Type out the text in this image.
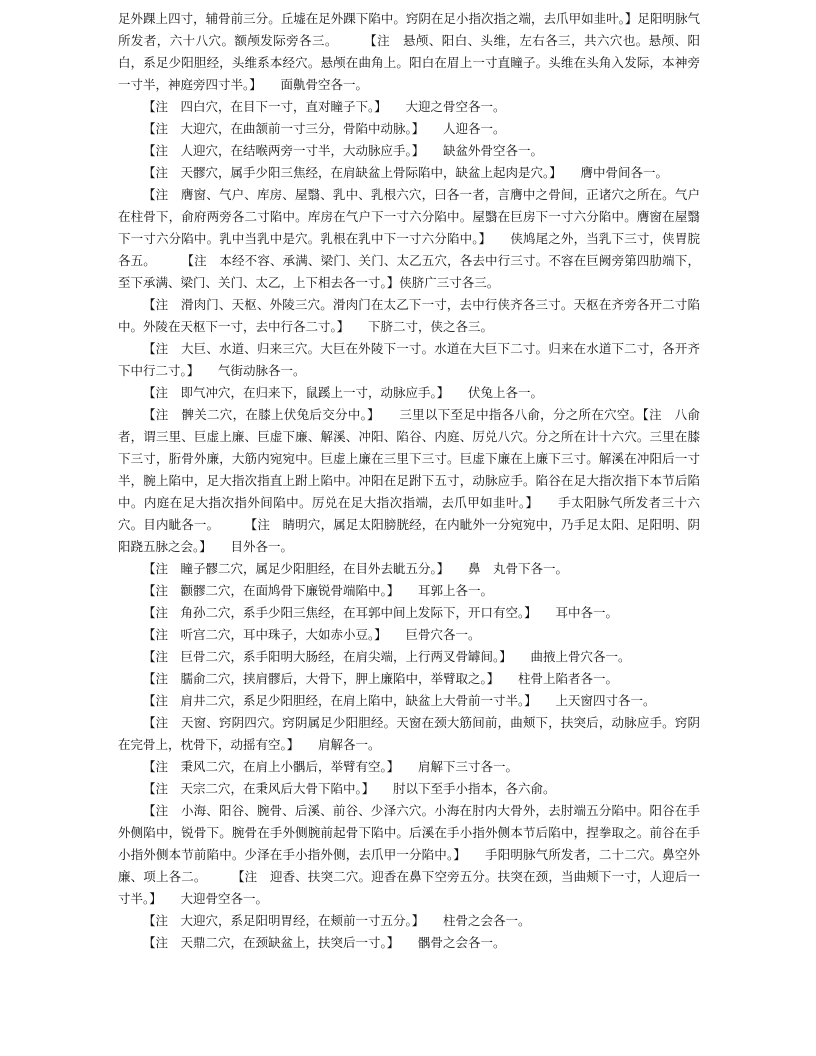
足外踝上四寸，辅骨前三分。丘墟在足外踝下陷中。窍阴在足小指次指之端，去爪甲如韭叶。】足阳明脉气所发者，六十八穴。额颅发际旁各三。　　　【注　悬颅、阳白、头维，左右各三，共六穴也。悬颅、阳白，系足少阳胆经，头维系本经穴。悬颅在曲角上。阳白在眉上一寸直瞳子。头维在头角入发际，本神旁一寸半，神庭旁四寸半。】　　面鼽骨空各一。

【注　四白穴，在目下一寸，直对瞳子下。】　　大迎之骨空各一。

【注　大迎穴，在曲颔前一寸三分，骨陷中动脉。】　　人迎各一。

【注　人迎穴，在结喉两旁一寸半，大动脉应手。】　　缺盆外骨空各一。

【注　天髎穴，属手少阳三焦经，在肩缺盆上骨际陷中，缺盆上起肉是穴。】　　膺中骨间各一。

【注　膺窗、气户、库房、屋翳、乳中、乳根六穴，曰各一者，言膺中之骨间，正诸穴之所在。气户在柱骨下，俞府两旁各二寸陷中。库房在气户下一寸六分陷中。屋翳在巨房下一寸六分陷中。膺窗在屋翳下一寸六分陷中。乳中当乳中是穴。乳根在乳中下一寸六分陷中。】　　侠鸠尾之外，当乳下三寸，侠胃脘各五。　　　【注　本经不容、承满、梁门、关门、太乙五穴，各去中行三寸。不容在巨阙旁第四肋端下，至下承满、梁门、关门、太乙，上下相去各一寸。】侠脐广三寸各三。

【注　滑肉门、天枢、外陵三穴。滑肉门在太乙下一寸，去中行侠齐各三寸。天枢在齐旁各开二寸陷中。外陵在天枢下一寸，去中行各二寸。】　　下脐二寸，侠之各三。

【注　大巨、水道、归来三穴。大巨在外陵下一寸。水道在大巨下二寸。归来在水道下二寸，各开齐下中行二寸。】　　气街动脉各一。

【注　即气冲穴，在归来下，鼠蹊上一寸，动脉应手。】　　伏兔上各一。

【注　髀关二穴，在膝上伏兔后交分中。】　　三里以下至足中指各八俞，分之所在穴空。【注　八俞者，谓三里、巨虚上廉、巨虚下廉、解溪、冲阳、陷谷、内庭、厉兑八穴。分之所在计十六穴。三里在膝下三寸，胻骨外廉，大筋内宛宛中。巨虚上廉在三里下三寸。巨虚下廉在上廉下三寸。解溪在冲阳后一寸半，腕上陷中，足大指次指直上跗上陷中。冲阳在足跗下五寸，动脉应手。陷谷在足大指次指下本节后陷中。内庭在足大指次指外间陷中。厉兑在足大指次指端，去爪甲如韭叶。】　　手太阳脉气所发者三十六穴。目内眦各一。　　　【注　睛明穴，属足太阳膀胱经，在内眦外一分宛宛中，乃手足太阳、足阳明、阴阳跷五脉之会。】　　目外各一。

【注　瞳子髎二穴，属足少阳胆经，在目外去眦五分。】　　鼻　丸骨下各一。

【注　颧髎二穴，在面鸠骨下廉锐骨端陷中。】　　耳郭上各一。

【注　角孙二穴，系手少阳三焦经，在耳郭中间上发际下，开口有空。】　　耳中各一。

【注　听宫二穴，耳中珠子，大如赤小豆。】　　巨骨穴各一。

【注　巨骨二穴，系手阳明大肠经，在肩尖端，上行两叉骨罅间。】　　曲掖上骨穴各一。

【注　臑俞二穴，挟肩髎后，大骨下，胛上廉陷中，举臂取之。】　　柱骨上陷者各一。

【注　肩井二穴，系足少阳胆经，在肩上陷中，缺盆上大骨前一寸半。】　　上天窗四寸各一。

【注　天窗、窍阴四穴。窍阴属足少阳胆经。天窗在颈大筋间前，曲颊下，扶突后，动脉应手。窍阴在完骨上，枕骨下，动摇有空。】　　肩解各一。

【注　秉风二穴，在肩上小髃后，举臂有空。】　　肩解下三寸各一。

【注　天宗二穴，在秉风后大骨下陷中。】　　肘以下至手小指本，各六俞。

【注　小海、阳谷、腕骨、后溪、前谷、少泽六穴。小海在肘内大骨外，去肘端五分陷中。阳谷在手外侧陷中，锐骨下。腕骨在手外侧腕前起骨下陷中。后溪在手小指外侧本节后陷中，捏拳取之。前谷在手小指外侧本节前陷中。少泽在手小指外侧，去爪甲一分陷中。】　　手阳明脉气所发者，二十二穴。鼻空外廉、项上各二。　　　【注　迎香、扶突二穴。迎香在鼻下空旁五分。扶突在颈，当曲颊下一寸，人迎后一寸半。】　　大迎骨空各一。

【注　大迎穴，系足阳明胃经，在颊前一寸五分。】　　柱骨之会各一。

【注　天鼎二穴，在颈缺盆上，扶突后一寸。】　　髃骨之会各一。
